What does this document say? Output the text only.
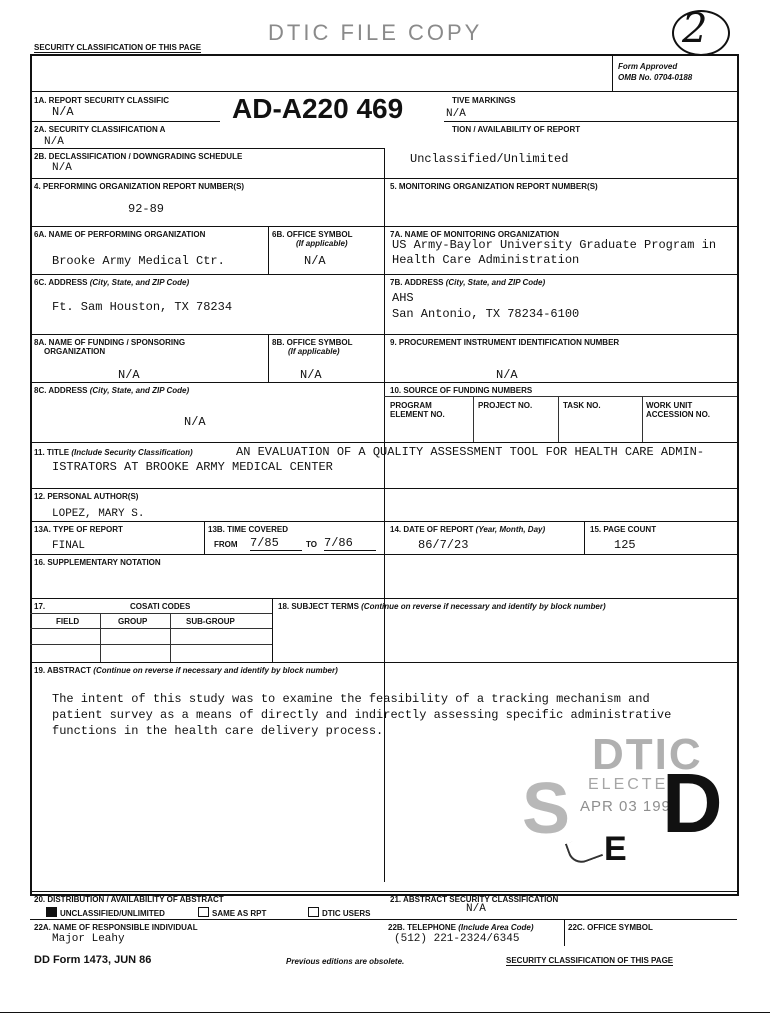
SECURITY CLASSIFICATION OF THIS PAGE
DTIC FILE COPY	2
Form Approved
OMB No. 0704-0188
AD-A220 469
1A. REPORT SECURITY CLASSIFIC
N/A
TIVE MARKINGS
N/A
2A. SECURITY CLASSIFICATION A
N/A
TION / AVAILABILITY OF REPORT
Unclassified/Unlimited
2B. DECLASSIFICATION / DOWNGRADING SCHEDULE
N/A
4. PERFORMING ORGANIZATION REPORT NUMBER(S)
92-89
5. MONITORING ORGANIZATION REPORT NUMBER(S)
6A. NAME OF PERFORMING ORGANIZATION
Brooke Army Medical Ctr.
6B. OFFICE SYMBOL
(If applicable)
N/A
7A. NAME OF MONITORING ORGANIZATION
US Army-Baylor University Graduate Program in
Health Care Administration
6C. ADDRESS (City, State, and ZIP Code)
Ft. Sam Houston, TX 78234
7B. ADDRESS (City, State, and ZIP Code)
AHS
San Antonio, TX 78234-6100
8A. NAME OF FUNDING / SPONSORING
ORGANIZATION
N/A
8B. OFFICE SYMBOL
(If applicable)
N/A
9. PROCUREMENT INSTRUMENT IDENTIFICATION NUMBER
N/A
8C. ADDRESS (City, State, and ZIP Code)
N/A
10. SOURCE OF FUNDING NUMBERS
PROGRAM ELEMENT NO.
PROJECT NO.	TASK NO.	WORK UNIT ACCESSION NO.
11. TITLE (Include Security Classification)	AN EVALUATION OF A QUALITY ASSESSMENT TOOL FOR HEALTH CARE ADMIN-
ISTRATORS AT BROOKE ARMY MEDICAL CENTER
12. PERSONAL AUTHOR(S)
LOPEZ, MARY S.
13A. TYPE OF REPORT
FINAL
13B. TIME COVERED
FROM 7/85	TO 7/86
14. DATE OF REPORT (Year, Month, Day)
86/7/23
15. PAGE COUNT
125
16. SUPPLEMENTARY NOTATION
17.	COSATI CODES
FIELD	GROUP	SUB-GROUP
18. SUBJECT TERMS (Continue on reverse if necessary and identify by block number)
19. ABSTRACT (Continue on reverse if necessary and identify by block number)
The intent of this study was to examine the feasibility of a tracking mechanism and
patient survey as a means of directly and indirectly assessing specific administrative
functions in the health care delivery process.	DTIC
ELECTE
APR 03 1990
S D
E
20. DISTRIBUTION / AVAILABILITY OF ABSTRACT
UNCLASSIFIED/UNLIMITED	SAME AS RPT	DTIC USERS
21. ABSTRACT SECURITY CLASSIFICATION
N/A
22A. NAME OF RESPONSIBLE INDIVIDUAL
Major Leahy
22B. TELEPHONE (Include Area Code)
(512) 221-2324/6345
22C. OFFICE SYMBOL
DD Form 1473, JUN 86	Previous editions are obsolete.	SECURITY CLASSIFICATION OF THIS PAGE
